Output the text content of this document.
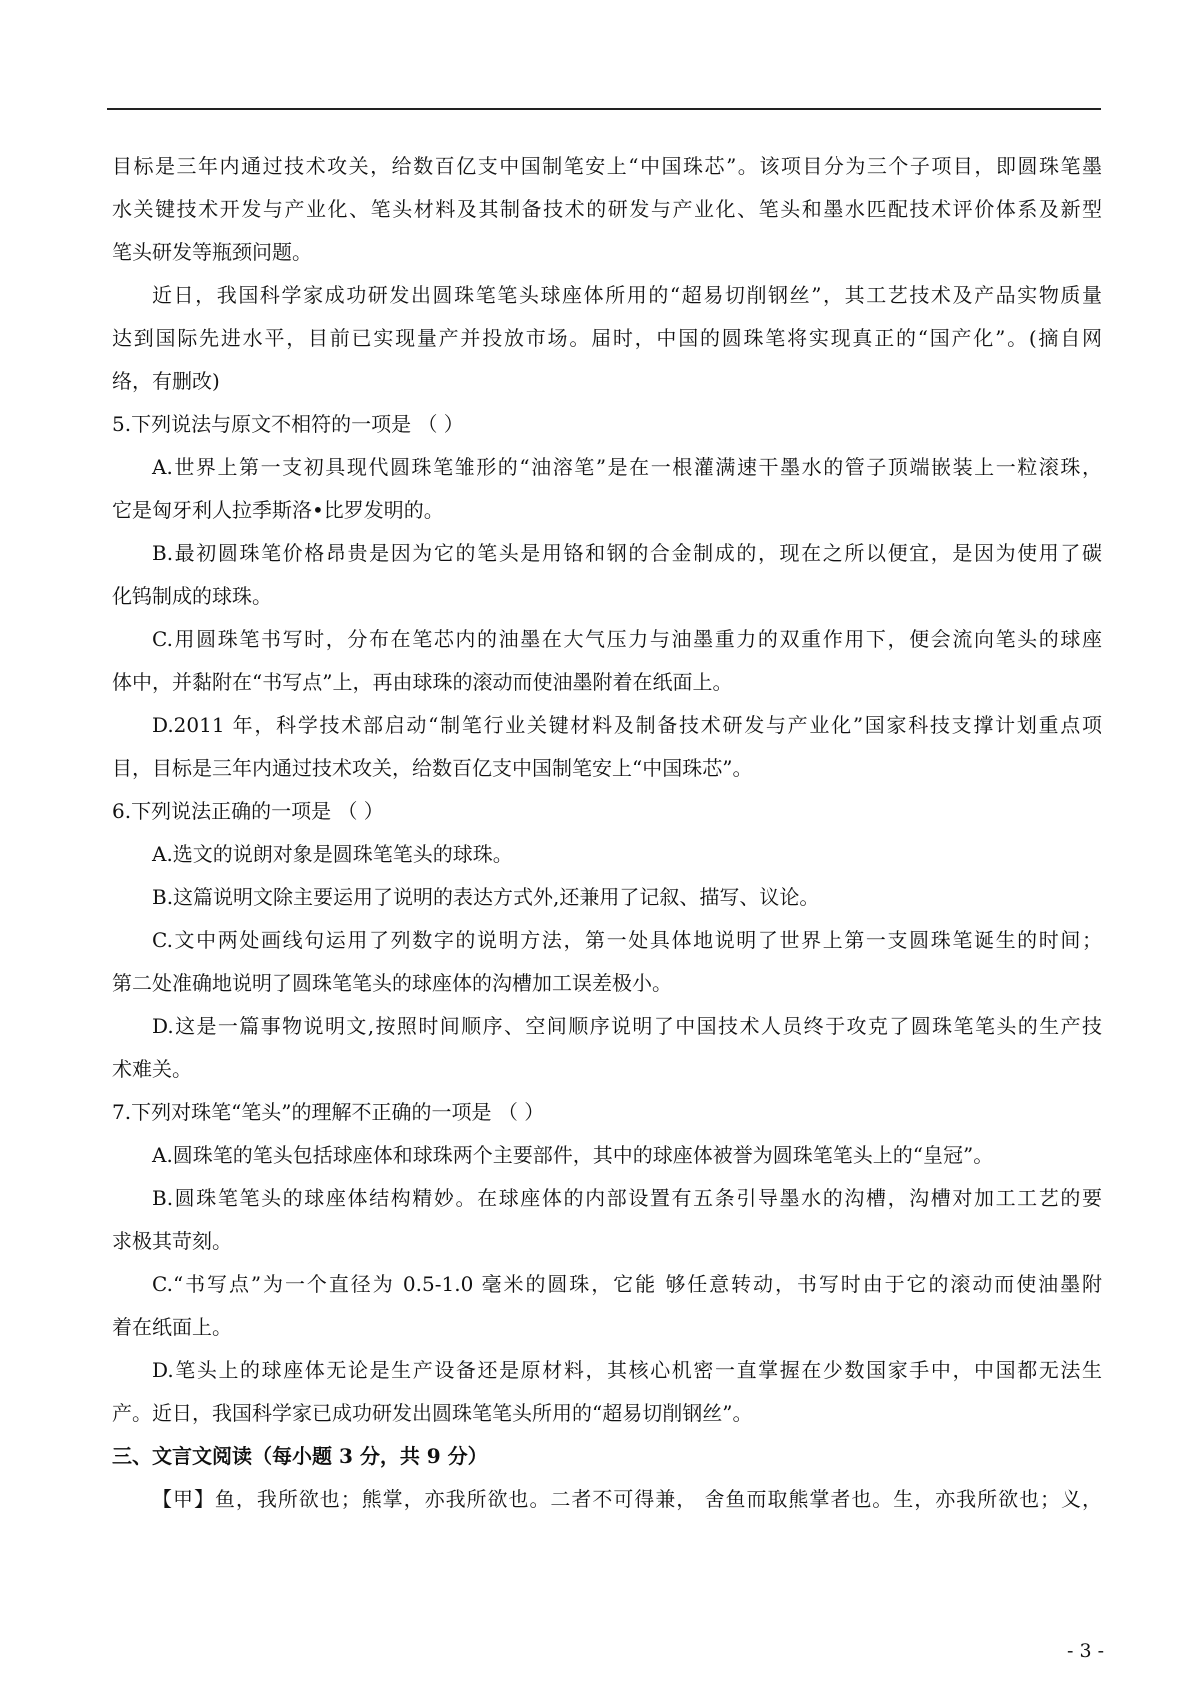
目标是三年内通过技术攻关，给数百亿支中国制笔安上“中国珠芯”。该项目分为三个子项目，即圆珠笔墨
水关键技术开发与产业化、笔头材料及其制备技术的研发与产业化、笔头和墨水匹配技术评价体系及新型
笔头研发等瓶颈问题。
近日，我国科学家成功研发出圆珠笔笔头球座体所用的“超易切削钢丝”，其工艺技术及产品实物质量
达到国际先进水平，目前已实现量产并投放市场。届时，中国的圆珠笔将实现真正的“国产化”。(摘自网
络，有删改)
5.下列说法与原文不相符的一项是 （ ）
A.世界上第一支初具现代圆珠笔雏形的“油溶笔”是在一根灌满速干墨水的管子顶端嵌装上一粒滚珠，
它是匈牙利人拉季斯洛•比罗发明的。
B.最初圆珠笔价格昂贵是因为它的笔头是用铬和钢的合金制成的，现在之所以便宜，是因为使用了碳
化钨制成的球珠。
C.用圆珠笔书写时，分布在笔芯内的油墨在大气压力与油墨重力的双重作用下，便会流向笔头的球座
体中，并黏附在“书写点”上，再由球珠的滚动而使油墨附着在纸面上。
D.2011 年，科学技术部启动“制笔行业关键材料及制备技术研发与产业化”国家科技支撑计划重点项
目，目标是三年内通过技术攻关，给数百亿支中国制笔安上“中国珠芯”。
6.下列说法正确的一项是 （ ）
A.选文的说朗对象是圆珠笔笔头的球珠。
B.这篇说明文除主要运用了说明的表达方式外,还兼用了记叙、描写、议论。
C.文中两处画线句运用了列数字的说明方法，第一处具体地说明了世界上第一支圆珠笔诞生的时间；
第二处准确地说明了圆珠笔笔头的球座体的沟槽加工误差极小。
D.这是一篇事物说明文,按照时间顺序、空间顺序说明了中国技术人员终于攻克了圆珠笔笔头的生产技
术难关。
7.下列对珠笔“笔头”的理解不正确的一项是 （ ）
A.圆珠笔的笔头包括球座体和球珠两个主要部件，其中的球座体被誉为圆珠笔笔头上的“皇冠”。
B.圆珠笔笔头的球座体结构精妙。在球座体的内部设置有五条引导墨水的沟槽，沟槽对加工工艺的要
求极其苛刻。
C.“书写点”为一个直径为 0.5-1.0 毫米的圆珠，它能 够任意转动，书写时由于它的滚动而使油墨附
着在纸面上。
D.笔头上的球座体无论是生产设备还是原材料，其核心机密一直掌握在少数国家手中，中国都无法生
产。近日，我国科学家已成功研发出圆珠笔笔头所用的“超易切削钢丝”。
三、文言文阅读（每小题 3 分，共 9 分）
【甲】鱼，我所欲也；熊掌，亦我所欲也。二者不可得兼， 舍鱼而取熊掌者也。生，亦我所欲也；义，
- 3 -
